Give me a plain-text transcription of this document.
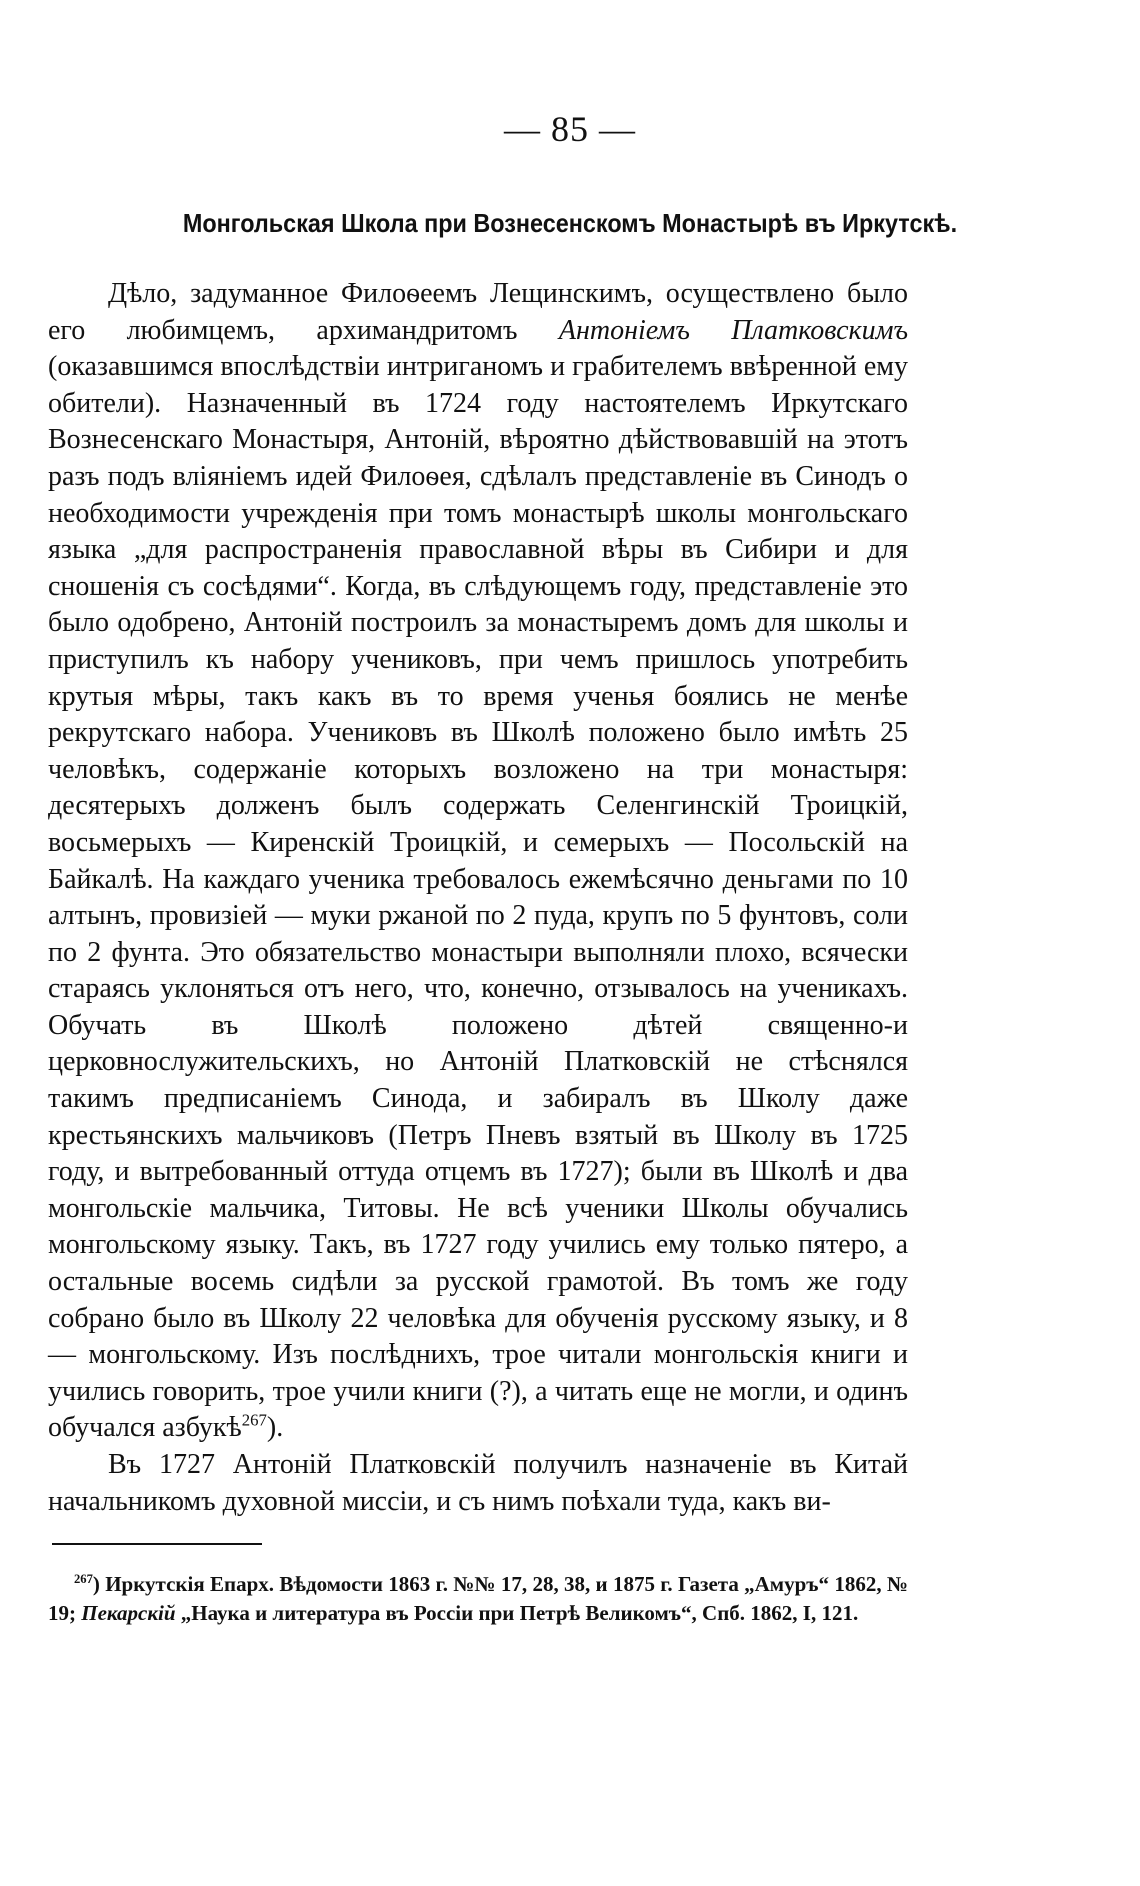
— 85 —
Монгольская Школа при Вознесенскомъ Монастырѣ въ Иркутскѣ.

Дѣло, задуманное Филоѳеемъ Лещинскимъ, осуществлено было его любимцемъ, архимандритомъ Антоніемъ Платковскимъ (оказавшимся впослѣдствіи интриганомъ и грабителемъ ввѣренной ему обители). Назначенный въ 1724 году настоятелемъ Иркутскаго Вознесенскаго Монастыря, Антоній, вѣроятно дѣйствовавшій на этотъ разъ подъ вліяніемъ идей Филоѳея, сдѣлалъ представленіе въ Синодъ о необходимости учрежденія при томъ монастырѣ школы монгольскаго языка „для распространенія православной вѣры въ Сибири и для сношенія съ сосѣдями“. Когда, въ слѣдующемъ году, представленіе это было одобрено, Антоній построилъ за монастыремъ домъ для школы и приступилъ къ набору учениковъ, при чемъ пришлось употребить крутыя мѣры, такъ какъ въ то время ученья боялись не менѣе рекрутскаго набора. Учениковъ въ Школѣ положено было имѣть 25 человѣкъ, содержаніе которыхъ возложено на три монастыря: десятерыхъ долженъ былъ содержать Селенгинскій Троицкій, восьмерыхъ — Киренскій Троицкій, и семерыхъ — Посольскій на Байкалѣ. На каждаго ученика требовалось ежемѣсячно деньгами по 10 алтынъ, провизіей — муки ржаной по 2 пуда, крупъ по 5 фунтовъ, соли по 2 фунта. Это обязательство монастыри выполняли плохо, всячески стараясь уклоняться отъ него, что, конечно, отзывалось на ученикахъ. Обучать въ Школѣ положено дѣтей священно-и церковнослужительскихъ, но Антоній Платковскій не стѣснялся такимъ предписаніемъ Синода, и забиралъ въ Школу даже крестьянскихъ мальчиковъ (Петръ Пневъ взятый въ Школу въ 1725 году, и вытребованный оттуда отцемъ въ 1727); были въ Школѣ и два монгольскіе мальчика, Титовы. Не всѣ ученики Школы обучались монгольскому языку. Такъ, въ 1727 году учились ему только пятеро, а остальные восемь сидѣли за русской грамотой. Въ томъ же году собрано было въ Школу 22 человѣка для обученія русскому языку, и 8 — монгольскому. Изъ послѣднихъ, трое читали монгольскія книги и учились говорить, трое учили книги (?), а читать еще не могли, и одинъ обучался азбукѣ$^{267}$).

Въ 1727 Антоній Платковскій получилъ назначеніе въ Китай начальникомъ духовной миссіи, и съ нимъ поѣхали туда, какъ ви-

$^{267}$) Иркутскія Епарх. Вѣдомости 1863 г. №№ 17, 28, 38, и 1875 г. Газета „Амуръ“ 1862, № 19; Пекарскій „Наука и литература въ Россіи при Петрѣ Великомъ“, Спб. 1862, I, 121.
